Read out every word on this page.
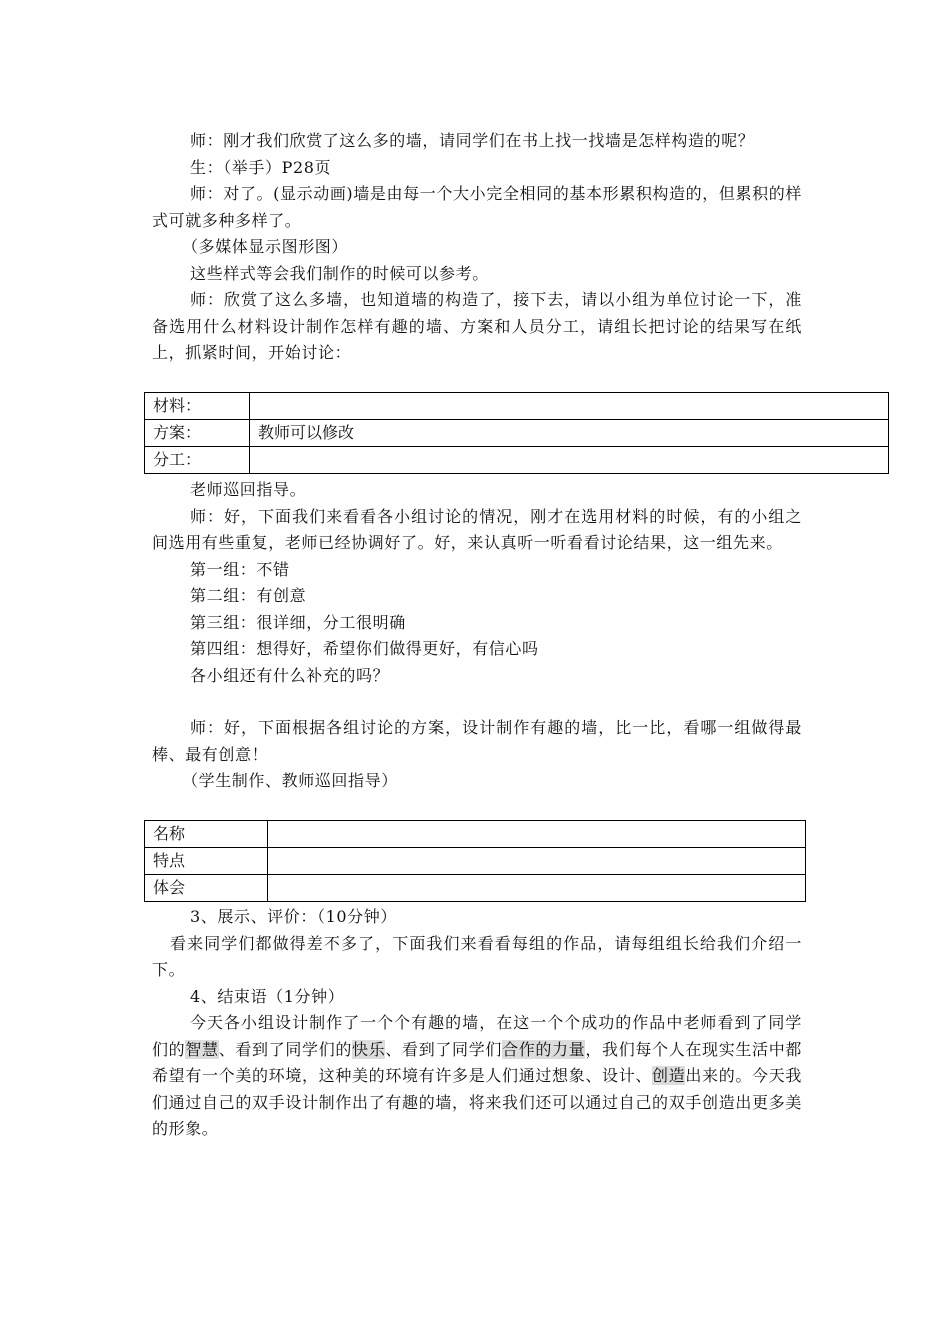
师：刚才我们欣赏了这么多的墙，请同学们在书上找一找墙是怎样构造的呢？

生：（举手）P28页

师：对了。(显示动画)墙是由每一个大小完全相同的基本形累积构造的，但累积的样式可就多种多样了。

（多媒体显示图形图）

这些样式等会我们制作的时候可以参考。

师：欣赏了这么多墙，也知道墙的构造了，接下去，请以小组为单位讨论一下，准备选用什么材料设计制作怎样有趣的墙、方案和人员分工，请组长把讨论的结果写在纸上，抓紧时间，开始讨论：

材料：	
方案：	教师可以修改
分工：	

老师巡回指导。

师：好，下面我们来看看各小组讨论的情况，刚才在选用材料的时候，有的小组之间选用有些重复，老师已经协调好了。好，来认真听一听看看讨论结果，这一组先来。

第一组：不错

第二组：有创意

第三组：很详细，分工很明确

第四组：想得好，希望你们做得更好，有信心吗

各小组还有什么补充的吗？

师：好，下面根据各组讨论的方案，设计制作有趣的墙，比一比，看哪一组做得最棒、最有创意！

（学生制作、教师巡回指导）

名称	
特点	
体会	

3、展示、评价：（10分钟）

看来同学们都做得差不多了，下面我们来看看每组的作品，请每组组长给我们介绍一下。

4、结束语（1分钟）

今天各小组设计制作了一个个有趣的墙，在这一个个成功的作品中老师看到了同学们的智慧、看到了同学们的快乐、看到了同学们合作的力量，我们每个人在现实生活中都希望有一个美的环境，这种美的环境有许多是人们通过想象、设计、创造出来的。今天我们通过自己的双手设计制作出了有趣的墙，将来我们还可以通过自己的双手创造出更多美的形象。
